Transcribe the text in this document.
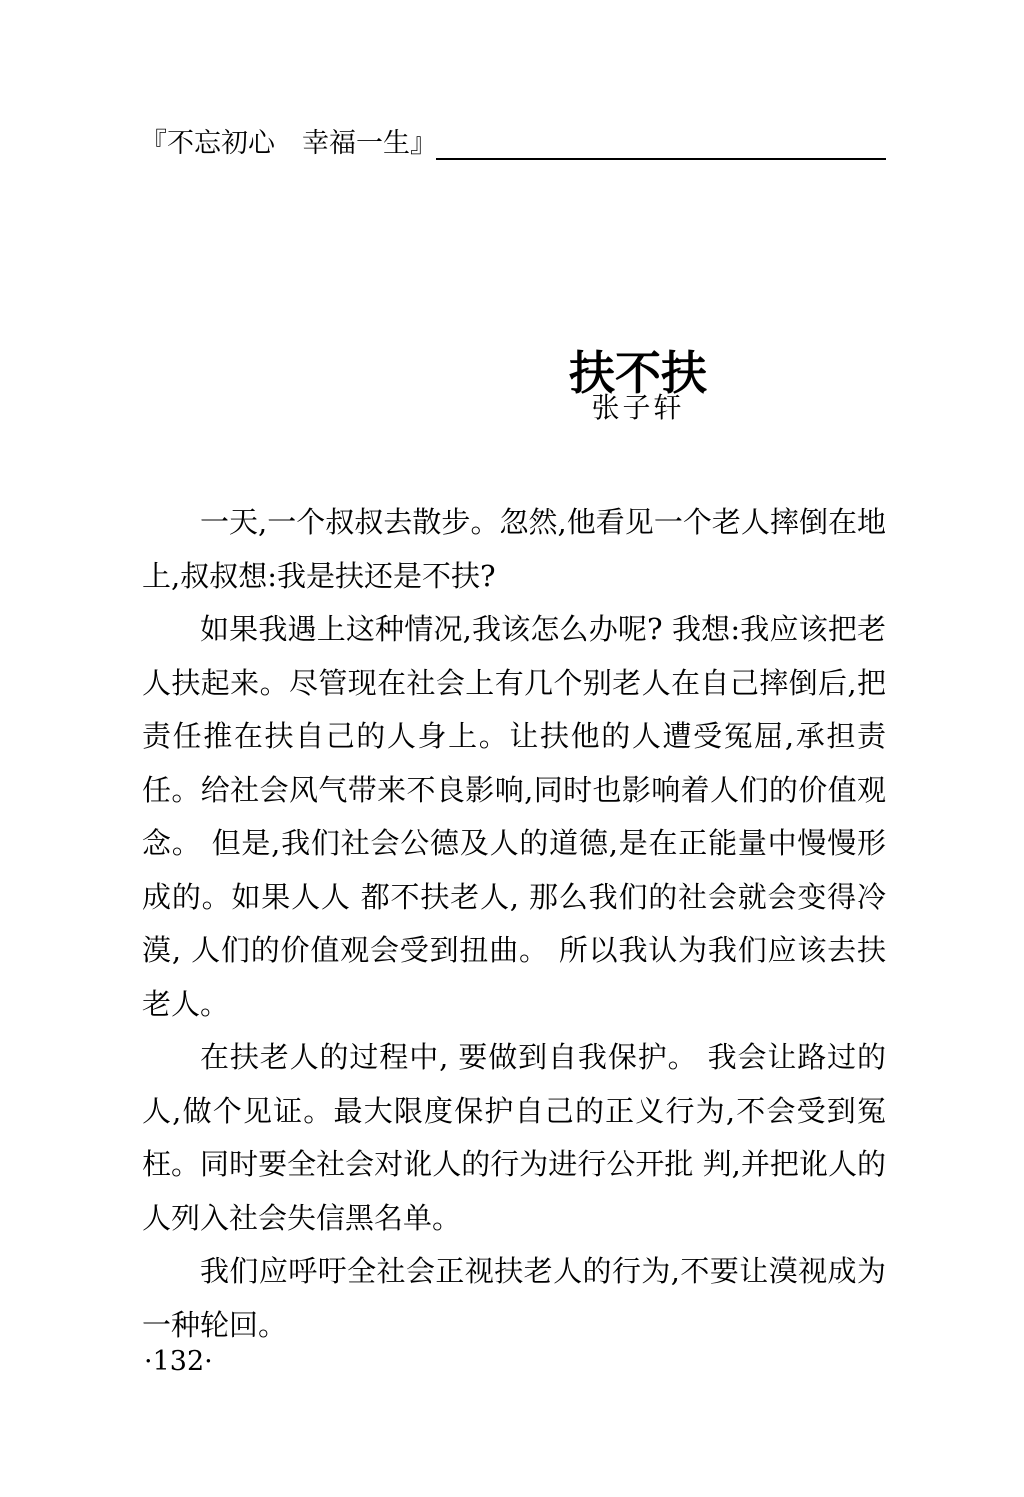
『不忘初心　幸福一生』
扶不扶
张子轩

一天,一个叔叔去散步。忽然,他看见一个老人摔倒在地上,叔叔想:我是扶还是不扶?

如果我遇上这种情况,我该怎么办呢? 我想:我应该把老人扶起来。尽管现在社会上有几个别老人在自己摔倒后,把责任推在扶自己的人身上。让扶他的人遭受冤屈,承担责任。给社会风气带来不良影响,同时也影响着人们的价值观念。 但是,我们社会公德及人的道德,是在正能量中慢慢形成的。如果人人 都不扶老人, 那么我们的社会就会变得冷漠, 人们的价值观会受到扭曲。 所以我认为我们应该去扶老人。

在扶老人的过程中, 要做到自我保护。 我会让路过的人,做个见证。最大限度保护自己的正义行为,不会受到冤枉。同时要全社会对讹人的行为进行公开批 判,并把讹人的人列入社会失信黑名单。

我们应呼吁全社会正视扶老人的行为,不要让漠视成为一种轮回。

·132·
